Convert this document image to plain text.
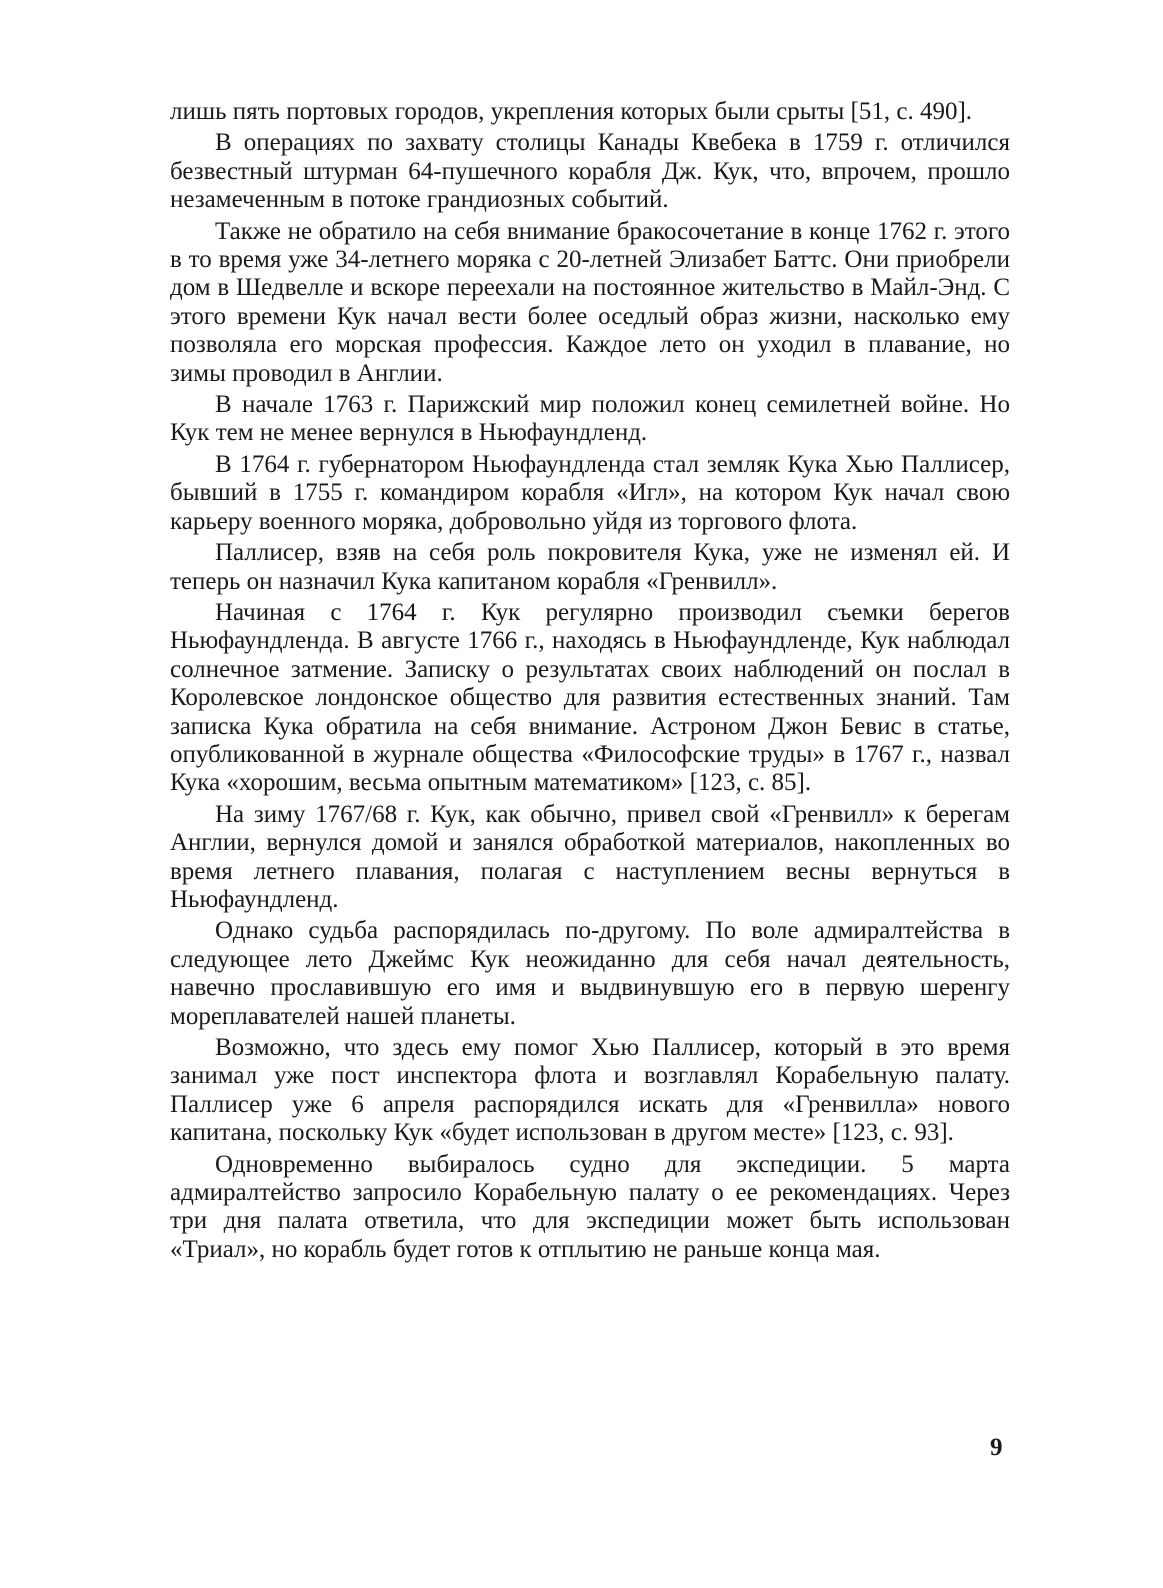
лишь пять портовых городов, укрепления которых были срыты [51, с. 490].

В операциях по захвату столицы Канады Квебека в 1759 г. отличился безвестный штурман 64-пушечного корабля Дж. Кук, что, впрочем, прошло незамеченным в потоке грандиозных событий.

Также не обратило на себя внимание бракосочетание в конце 1762 г. этого в то время уже 34-летнего моряка с 20-летней Элизабет Баттс. Они приобрели дом в Шедвелле и вскоре переехали на постоянное жительство в Майл-Энд. С этого времени Кук начал вести более оседлый образ жизни, насколько ему позволяла его морская профессия. Каждое лето он уходил в плавание, но зимы проводил в Англии.

В начале 1763 г. Парижский мир положил конец семилетней войне. Но Кук тем не менее вернулся в Ньюфаундленд.

В 1764 г. губернатором Ньюфаундленда стал земляк Кука Хью Паллисер, бывший в 1755 г. командиром корабля «Игл», на котором Кук начал свою карьеру военного моряка, добровольно уйдя из торгового флота.

Паллисер, взяв на себя роль покровителя Кука, уже не изменял ей. И теперь он назначил Кука капитаном корабля «Гренвилл».

Начиная с 1764 г. Кук регулярно производил съемки берегов Ньюфаундленда. В августе 1766 г., находясь в Ньюфаундленде, Кук наблюдал солнечное затмение. Записку о результатах своих наблюдений он послал в Королевское лондонское общество для развития естественных знаний. Там записка Кука обратила на себя внимание. Астроном Джон Бевис в статье, опубликованной в журнале общества «Философские труды» в 1767 г., назвал Кука «хорошим, весьма опытным математиком» [123, с. 85].

На зиму 1767/68 г. Кук, как обычно, привел свой «Гренвилл» к берегам Англии, вернулся домой и занялся обработкой материалов, накопленных во время летнего плавания, полагая с наступлением весны вернуться в Ньюфаундленд.

Однако судьба распорядилась по-другому. По воле адмиралтейства в следующее лето Джеймс Кук неожиданно для себя начал деятельность, навечно прославившую его имя и выдвинувшую его в первую шеренгу мореплавателей нашей планеты.

Возможно, что здесь ему помог Хью Паллисер, который в это время занимал уже пост инспектора флота и возглавлял Корабельную палату. Паллисер уже 6 апреля распорядился искать для «Гренвилла» нового капитана, поскольку Кук «будет использован в другом месте» [123, с. 93].

Одновременно выбиралось судно для экспедиции. 5 марта адмиралтейство запросило Корабельную палату о ее рекомендациях. Через три дня палата ответила, что для экспедиции может быть использован «Триал», но корабль будет готов к отплытию не раньше конца мая.

9
